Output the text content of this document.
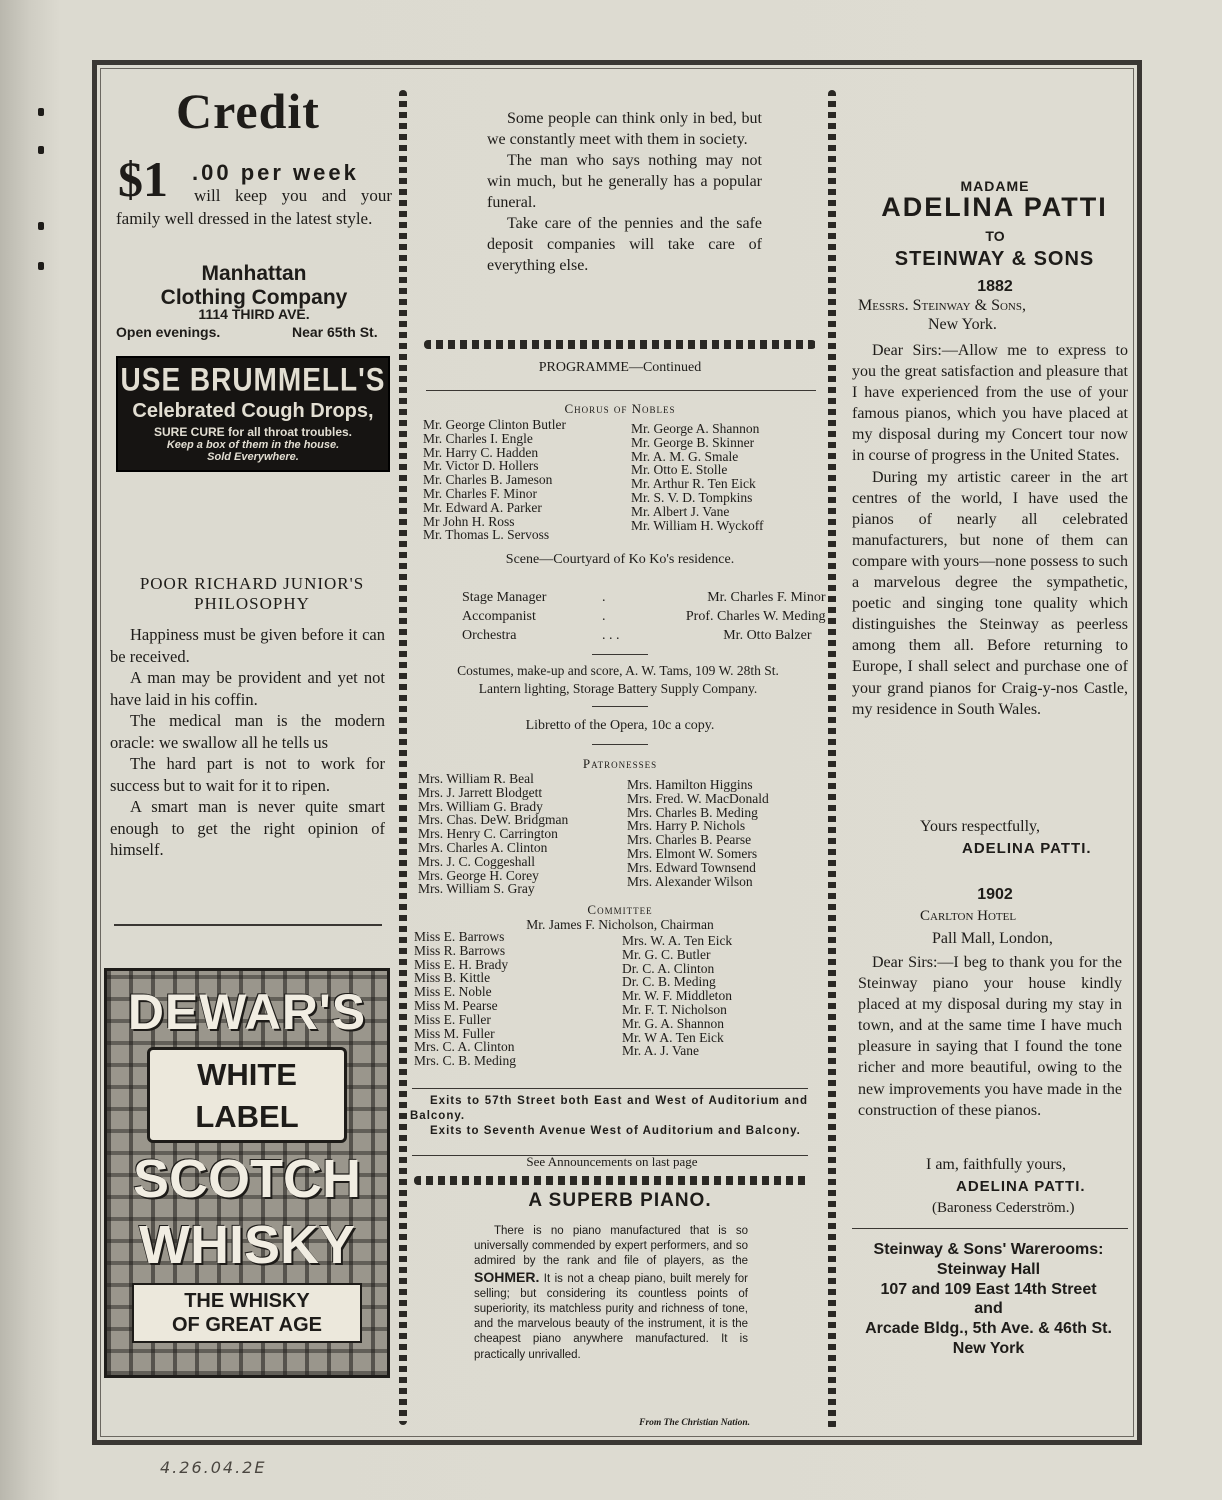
Credit
$1 .00 per week
will keep you and your family well dressed in the latest style.
Manhattan
Clothing Company
1114 THIRD AVE.
Open evenings.	Near 65th St.
USE BRUMMELL'S
Celebrated Cough Drops,
SURE CURE for all throat troubles.
Keep a box of them in the house.
Sold Everywhere.
POOR RICHARD JUNIOR'S PHILOSOPHY

Happiness must be given before it can be received.

A man may be provident and yet not have laid in his coffin.

The medical man is the modern oracle: we swallow all he tells us

The hard part is not to work for success but to wait for it to ripen.

A smart man is never quite smart enough to get the right opinion of himself.

DEWAR'S
WHITE
LABEL
SCOTCH
WHISKY
THE WHISKY
OF GREAT AGE

Some people can think only in bed, but we constantly meet with them in society.

The man who says nothing may not win much, but he generally has a popular funeral.

Take care of the pennies and the safe deposit companies will take care of everything else.

PROGRAMME—Continued
Chorus of Nobles
Mr. George Clinton Butler
Mr. Charles I. Engle
Mr. Harry C. Hadden
Mr. Victor D. Hollers
Mr. Charles B. Jameson
Mr. Charles F. Minor
Mr. Edward A. Parker
Mr John H. Ross
Mr. Thomas L. Servoss
Mr. George A. Shannon
Mr. George B. Skinner
Mr. A. M. G. Smale
Mr. Otto E. Stolle
Mr. Arthur R. Ten Eick
Mr. S. V. D. Tompkins
Mr. Albert J. Vane
Mr. William H. Wyckoff
Scene—Courtyard of Ko Ko's residence.
Stage Manager	.	Mr. Charles F. Minor
Accompanist	.	Prof. Charles W. Meding
Orchestra	. . .	Mr. Otto Balzer
Costumes, make-up and score, A. W. Tams, 109 W. 28th St.
Lantern lighting, Storage Battery Supply Company.
Libretto of the Opera, 10c a copy.
Patronesses
Mrs. William R. Beal
Mrs. J. Jarrett Blodgett
Mrs. William G. Brady
Mrs. Chas. DeW. Bridgman
Mrs. Henry C. Carrington
Mrs. Charles A. Clinton
Mrs. J. C. Coggeshall
Mrs. George H. Corey
Mrs. William S. Gray
Mrs. Hamilton Higgins
Mrs. Fred. W. MacDonald
Mrs. Charles B. Meding
Mrs. Harry P. Nichols
Mrs. Charles B. Pearse
Mrs. Elmont W. Somers
Mrs. Edward Townsend
Mrs. Alexander Wilson
Committee
Mr. James F. Nicholson, Chairman
Miss E. Barrows
Miss R. Barrows
Miss E. H. Brady
Miss B. Kittle
Miss E. Noble
Miss M. Pearse
Miss E. Fuller
Miss M. Fuller
Mrs. C. A. Clinton
Mrs. C. B. Meding
Mrs. W. A. Ten Eick
Mr. G. C. Butler
Dr. C. A. Clinton
Dr. C. B. Meding
Mr. W. F. Middleton
Mr. F. T. Nicholson
Mr. G. A. Shannon
Mr. W A. Ten Eick
Mr. A. J. Vane

Exits to 57th Street both East and West of Auditorium and Balcony.

Exits to Seventh Avenue West of Auditorium and Balcony.

See Announcements on last page
A SUPERB PIANO.
There is no piano manufactured that is so universally commended by expert performers, and so admired by the rank and file of players, as the SOHMER. It is not a cheap piano, built merely for selling; but considering its countless points of superiority, its matchless purity and richness of tone, and the marvelous beauty of the instrument, it is the cheapest piano anywhere manufactured. It is practically unrivalled.
From The Christian Nation.
MADAME
ADELINA PATTI
TO
STEINWAY & SONS
1882
Messrs. Steinway & Sons,
New York.

Dear Sirs:—Allow me to express to you the great satisfaction and pleasure that I have experienced from the use of your famous pianos, which you have placed at my disposal during my Concert tour now in course of progress in the United States.

During my artistic career in the art centres of the world, I have used the pianos of nearly all celebrated manufacturers, but none of them can compare with yours—none possess to such a marvelous degree the sympathetic, poetic and singing tone quality which distinguishes the Steinway as peerless among them all. Before returning to Europe, I shall select and purchase one of your grand pianos for Craig-y-nos Castle, my residence in South Wales.

Yours respectfully,
ADELINA PATTI.
1902
Carlton Hotel
Pall Mall, London,

Dear Sirs:—I beg to thank you for the Steinway piano your house kindly placed at my disposal during my stay in town, and at the same time I have much pleasure in saying that I found the tone richer and more beautiful, owing to the new improvements you have made in the construction of these pianos.

I am, faithfully yours,
ADELINA PATTI.
(Baroness Cederström.)
Steinway & Sons' Warerooms:
Steinway Hall
107 and 109 East 14th Street
and
Arcade Bldg., 5th Ave. & 46th St.
New York
4.26.04.2E
